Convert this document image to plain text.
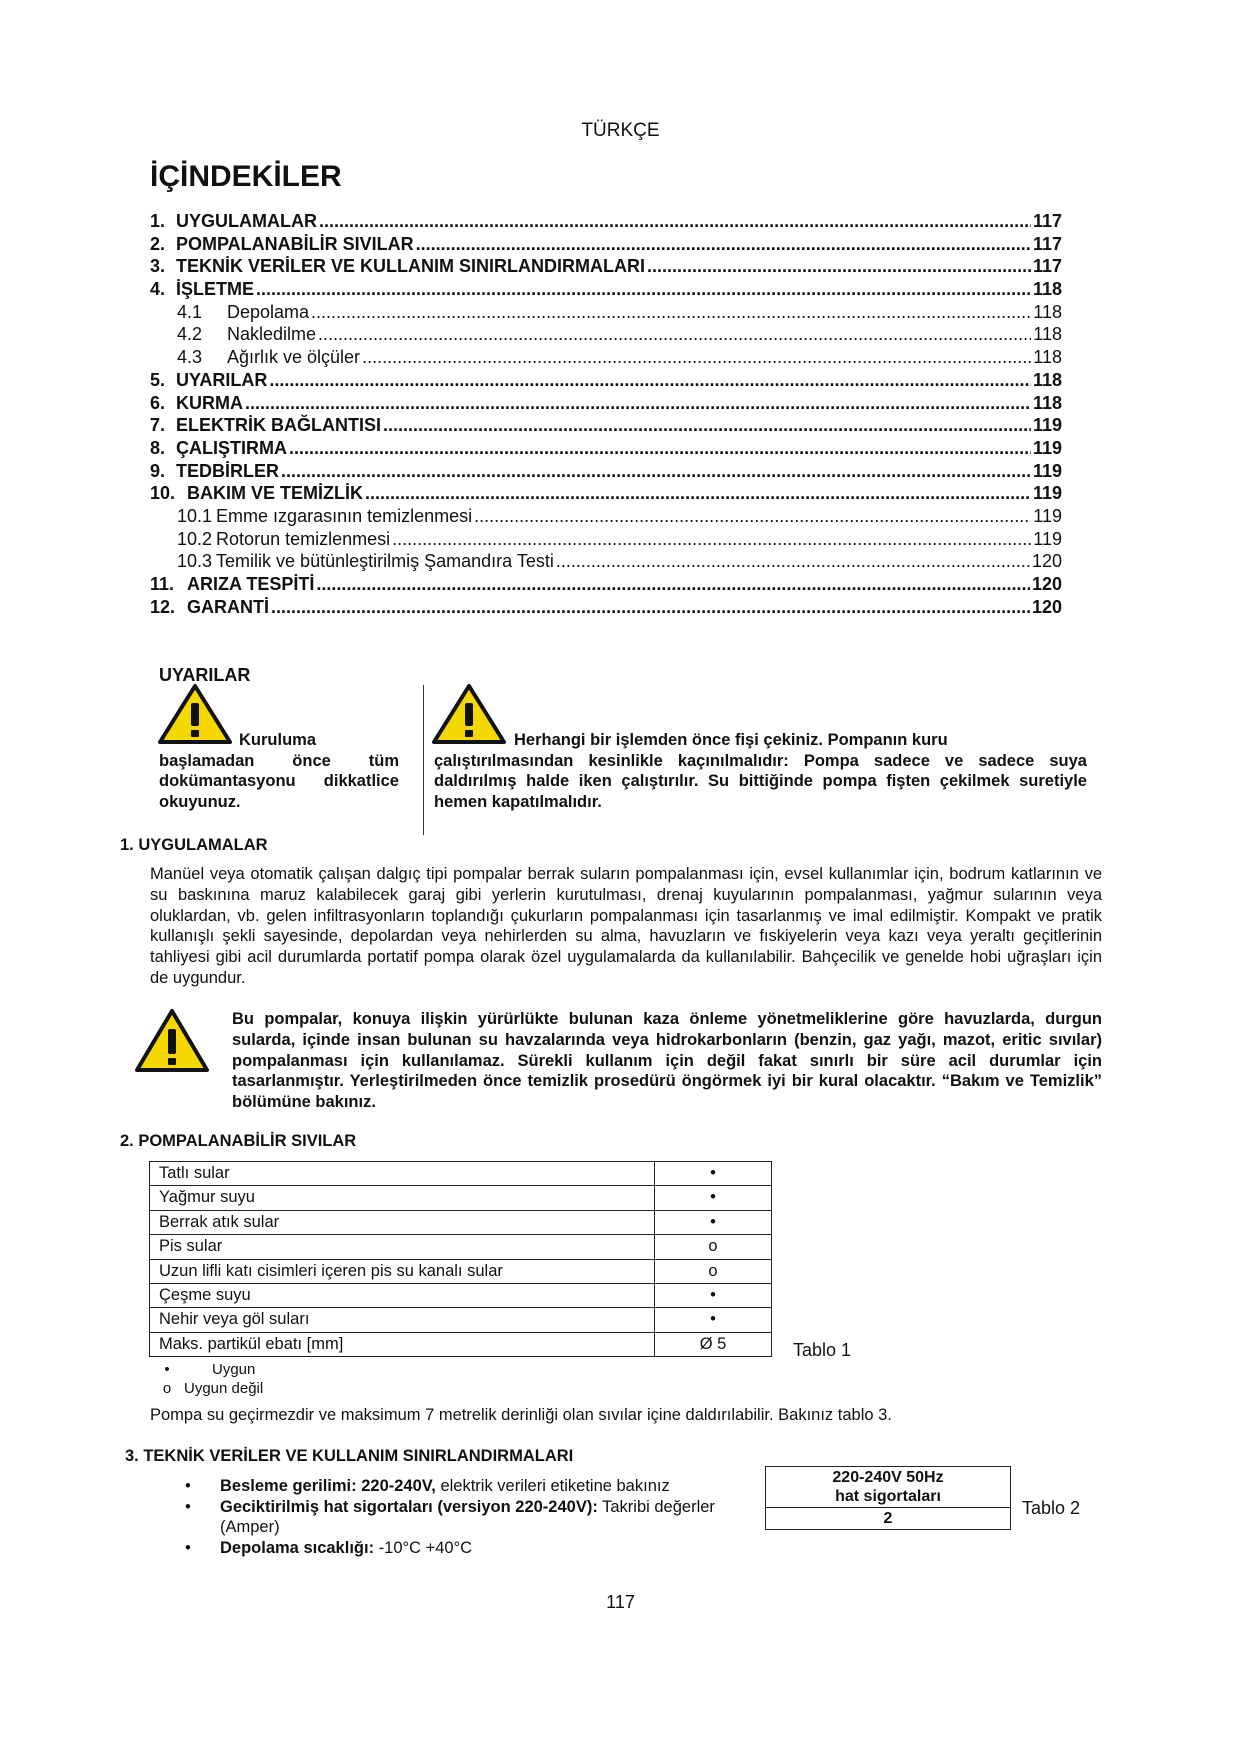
TÜRKÇE
İÇİNDEKİLER
1. UYGULAMALAR .....	117
2. POMPALANABİLİR SIVILAR .....	117
3. TEKNİK VERİLER VE KULLANIM SINIRLANDIRMALARI .....	117
4. İŞLETME .....	118
4.1	Depolama .....	118
4.2	Nakledilme .....	118
4.3	Ağırlık ve ölçüler .....	118
5. UYARILAR .....	118
6. KURMA .....	118
7. ELEKTRİK BAĞLANTISI .....	119
8. ÇALIŞTIRMA .....	119
9. TEDBİRLER .....	119
10. BAKIM VE TEMİZLİK .....	119
10.1 Emme ızgarasının temizlenmesi .....	119
10.2 Rotorun temizlenmesi .....	119
10.3 Temilik ve bütünleştirilmiş Şamandıra Testi .....	120
11. ARIZA TESPİTİ .....	120
12. GARANTİ .....	120
UYARILAR
Kuruluma
başlamadan önce tüm dokümantasyonu dikkatlice okuyunuz.
Herhangi bir işlemden önce fişi çekiniz. Pompanın kuru
çalıştırılmasından kesinlikle kaçınılmalıdır: Pompa sadece ve sadece suya daldırılmış halde iken çalıştırılır. Su bittiğinde pompa fişten çekilmek suretiyle hemen kapatılmalıdır.
1. UYGULAMALAR
Manüel veya otomatik çalışan dalgıç tipi pompalar berrak suların pompalanması için, evsel kullanımlar için, bodrum katlarının ve su baskınına maruz kalabilecek garaj gibi yerlerin kurutulması, drenaj kuyularının pompalanması, yağmur sularının veya oluklardan, vb. gelen infiltrasyonların toplandığı çukurların pompalanması için tasarlanmış ve imal edilmiştir. Kompakt ve pratik kullanışlı şekli sayesinde, depolardan veya nehirlerden su alma, havuzların ve fıskiyelerin veya kazı veya yeraltı geçitlerinin tahliyesi gibi acil durumlarda portatif pompa olarak özel uygulamalarda da kullanılabilir. Bahçecilik ve genelde hobi uğraşları için de uygundur.
Bu pompalar, konuya ilişkin yürürlükte bulunan kaza önleme yönetmeliklerine göre havuzlarda, durgun sularda, içinde insan bulunan su havzalarında veya hidrokarbonların (benzin, gaz yağı, mazot, eritic sıvılar) pompalanması için kullanılamaz. Sürekli kullanım için değil fakat sınırlı bir süre acil durumlar için tasarlanmıştır. Yerleştirilmeden önce temizlik prosedürü öngörmek iyi bir kural olacaktır. “Bakım ve Temizlik” bölümüne bakınız.
2. POMPALANABİLİR SIVILAR
Tatlı sular	•
Yağmur suyu	•
Berrak atık sular	•
Pis sular	o
Uzun lifli katı cisimleri içeren pis su kanalı sular	o
Çeşme suyu	•
Nehir veya göl suları	•
Maks. partikül ebatı [mm]	Ø 5	Tablo 1
•	Uygun
o Uygun değil
Pompa su geçirmezdir ve maksimum 7 metrelik derinliği olan sıvılar içine daldırılabilir. Bakınız tablo 3.
3. TEKNİK VERİLER VE KULLANIM SINIRLANDIRMALARI
• Besleme gerilimi: 220-240V, elektrik verileri etiketine bakınız
• Geciktirilmiş hat sigortaları (versiyon 220-240V): Takribi değerler (Amper)
• Depolama sıcaklığı: -10°C +40°C
220-240V 50Hz
hat sigortaları

2
Tablo 2
117
